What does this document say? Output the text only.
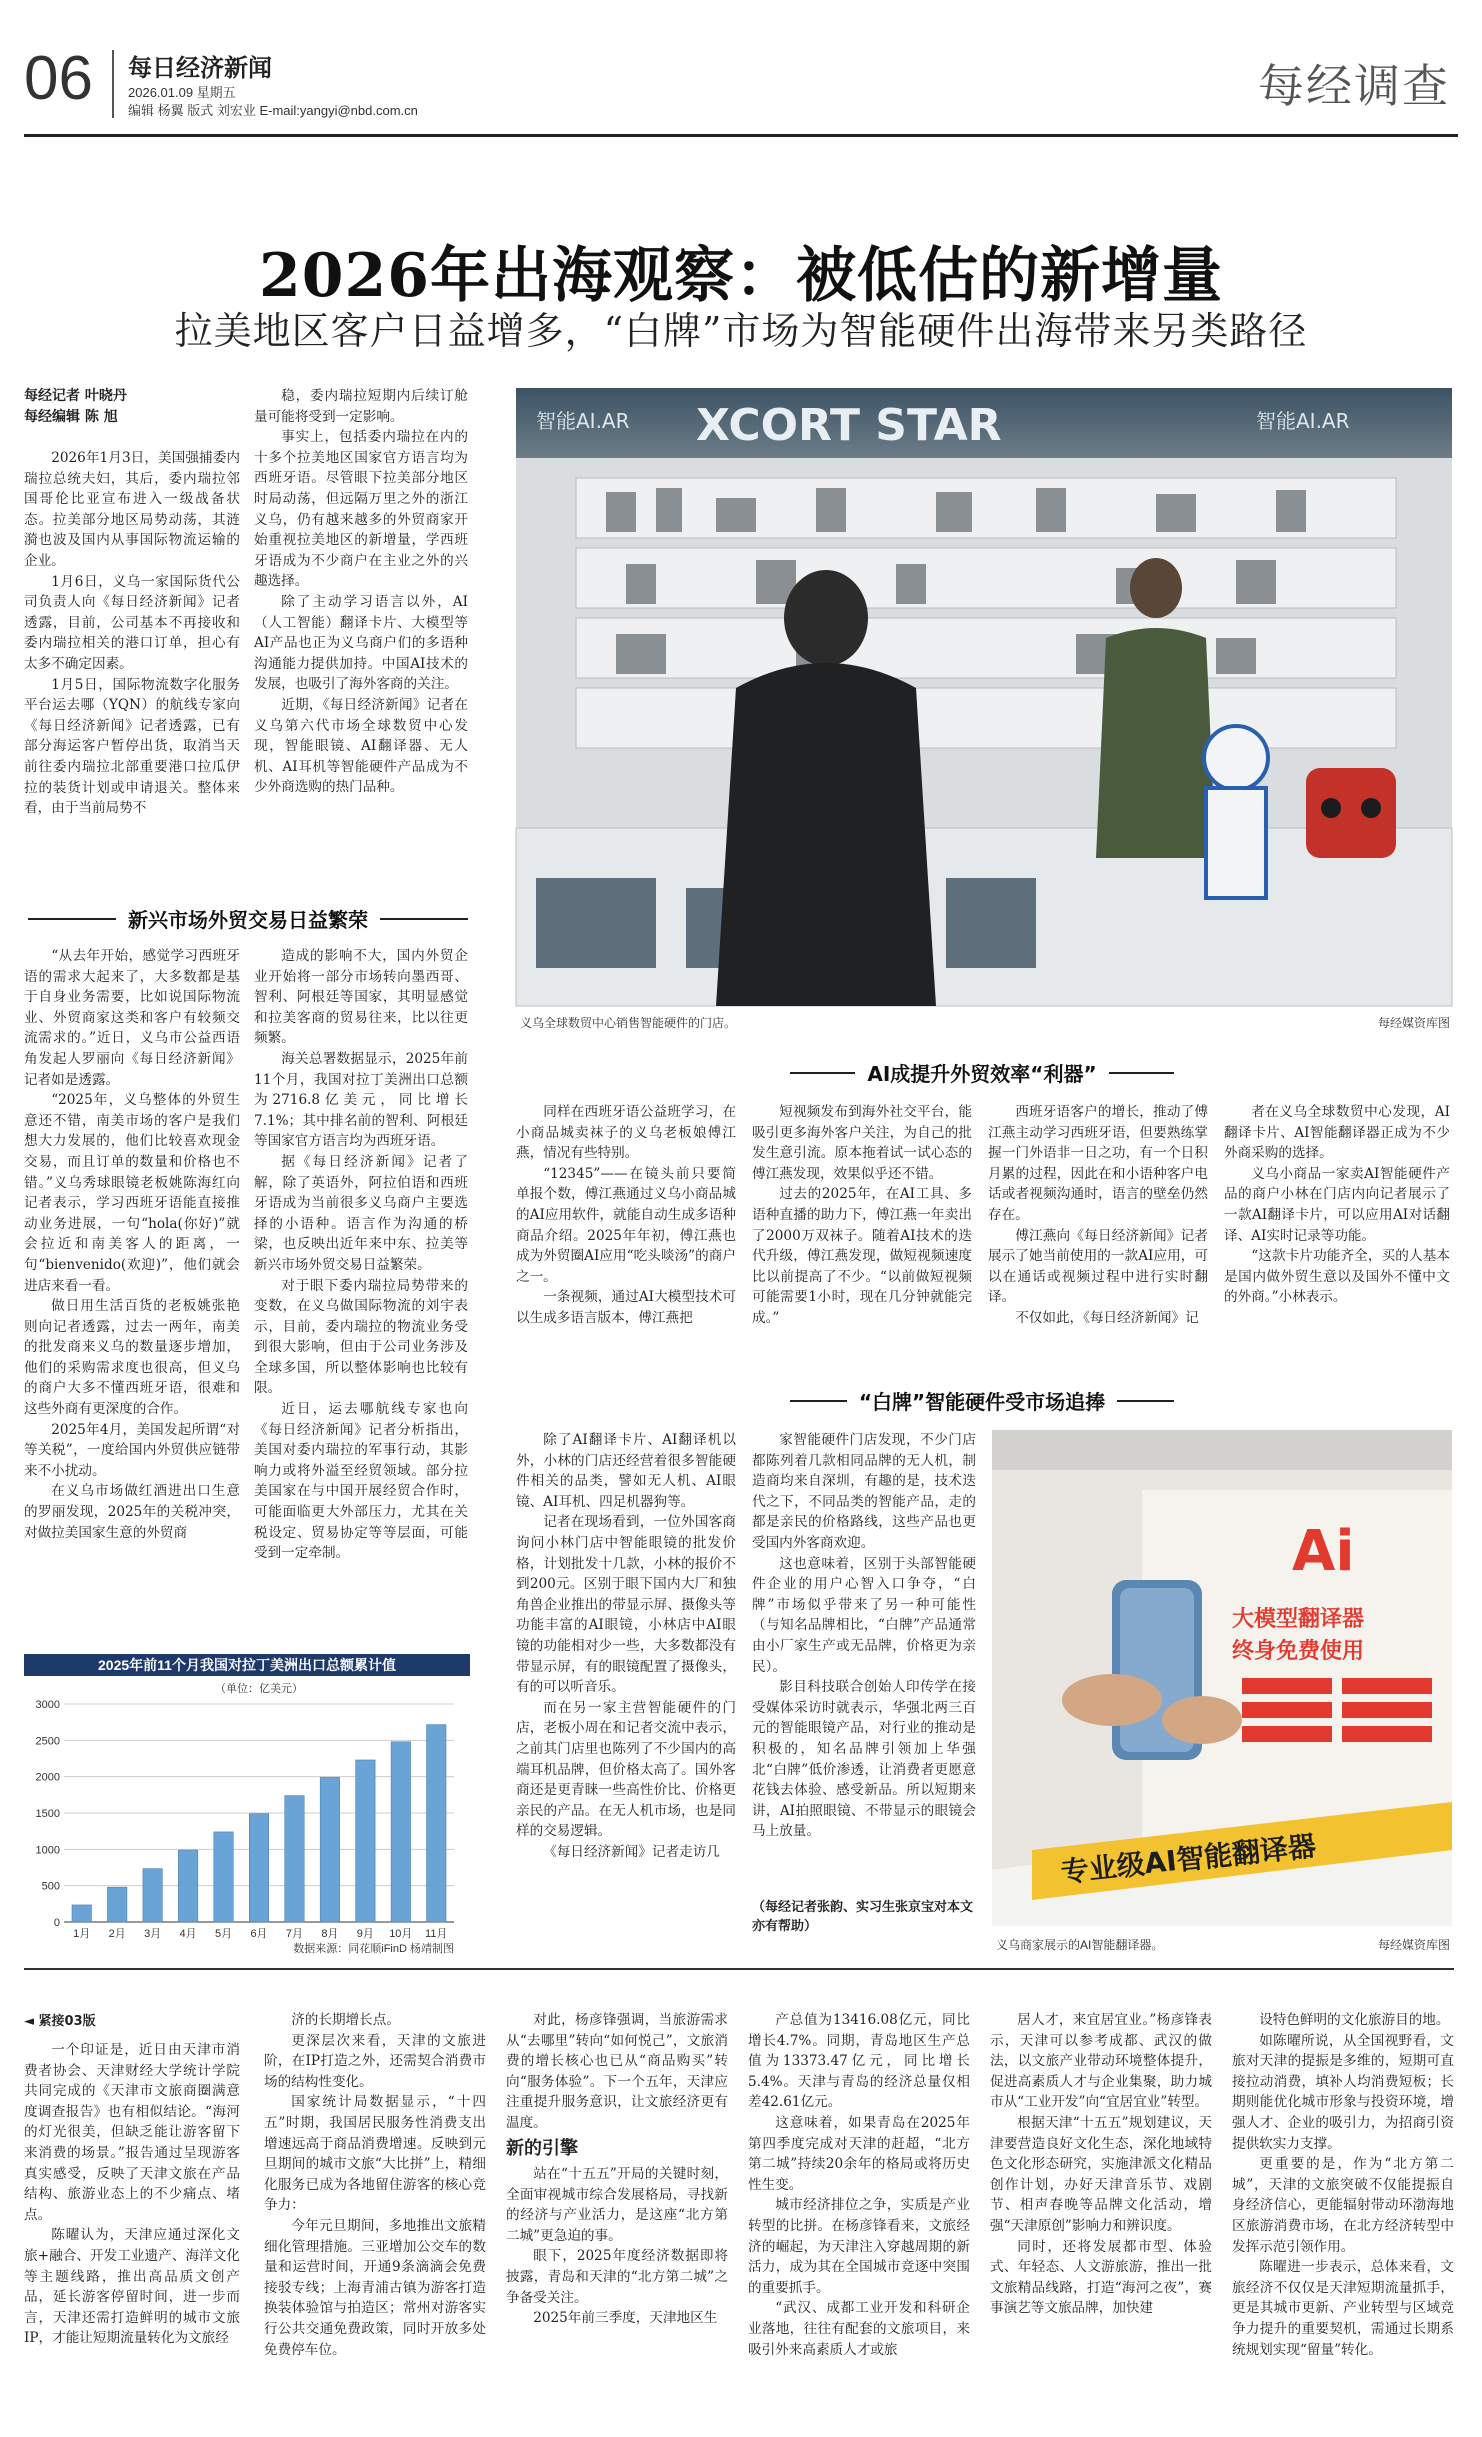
06 每日经济新闻
2026.01.09 星期五
编辑 杨翼 版式 刘宏业 E-mail:yangyi@nbd.com.cn	每经调查
2026年出海观察：被低估的新增量
拉美地区客户日益增多，“白牌”市场为智能硬件出海带来另类路径
每经记者 叶晓丹
每经编辑 陈 旭

2026年1月3日，美国强捕委内瑞拉总统夫妇，其后，委内瑞拉邻国哥伦比亚宣布进入一级战备状态。拉美部分地区局势动荡，其涟漪也波及国内从事国际物流运输的企业。

1月6日，义乌一家国际货代公司负责人向《每日经济新闻》记者透露，目前，公司基本不再接收和委内瑞拉相关的港口订单，担心有太多不确定因素。

1月5日，国际物流数字化服务平台运去哪（YQN）的航线专家向《每日经济新闻》记者透露，已有部分海运客户暂停出货，取消当天前往委内瑞拉北部重要港口拉瓜伊拉的装货计划或申请退关。整体来看，由于当前局势不

稳，委内瑞拉短期内后续订舱量可能将受到一定影响。

事实上，包括委内瑞拉在内的十多个拉美地区国家官方语言均为西班牙语。尽管眼下拉美部分地区时局动荡，但远隔万里之外的浙江义乌，仍有越来越多的外贸商家开始重视拉美地区的新增量，学西班牙语成为不少商户在主业之外的兴趣选择。

除了主动学习语言以外，AI（人工智能）翻译卡片、大模型等AI产品也正为义乌商户们的多语种沟通能力提供加持。中国AI技术的发展，也吸引了海外客商的关注。

近期，《每日经济新闻》记者在义乌第六代市场全球数贸中心发现，智能眼镜、AI翻译器、无人机、AI耳机等智能硬件产品成为不少外商选购的热门品种。

XCORT STAR
智能AI.AR	智能AI.AR
义乌全球数贸中心销售智能硬件的门店。	每经媒资库图
新兴市场外贸交易日益繁荣

“从去年开始，感觉学习西班牙语的需求大起来了，大多数都是基于自身业务需要，比如说国际物流业、外贸商家这类和客户有较频交流需求的。”近日，义乌市公益西语角发起人罗丽向《每日经济新闻》记者如是透露。

“2025年，义乌整体的外贸生意还不错，南美市场的客户是我们想大力发展的，他们比较喜欢现金交易，而且订单的数量和价格也不错。”义乌秀球眼镜老板姚陈海红向记者表示，学习西班牙语能直接推动业务进展，一句“hola(你好)”就会拉近和南美客人的距离，一句“bienvenido(欢迎)”，他们就会进店来看一看。

做日用生活百货的老板姚张艳则向记者透露，过去一两年，南美的批发商来义乌的数量逐步增加，他们的采购需求度也很高，但义乌的商户大多不懂西班牙语，很难和这些外商有更深度的合作。

2025年4月，美国发起所谓“对等关税”，一度给国内外贸供应链带来不小扰动。

在义乌市场做红酒进出口生意的罗丽发现，2025年的关税冲突，对做拉美国家生意的外贸商

造成的影响不大，国内外贸企业开始将一部分市场转向墨西哥、智利、阿根廷等国家，其明显感觉和拉美客商的贸易往来，比以往更频繁。

海关总署数据显示，2025年前11个月，我国对拉丁美洲出口总额为2716.8亿美元，同比增长7.1%；其中排名前的智利、阿根廷等国家官方语言均为西班牙语。

据《每日经济新闻》记者了解，除了英语外，阿拉伯语和西班牙语成为当前很多义乌商户主要选择的小语种。语言作为沟通的桥梁，也反映出近年来中东、拉美等新兴市场外贸交易日益繁荣。

对于眼下委内瑞拉局势带来的变数，在义乌做国际物流的刘宇表示，目前，委内瑞拉的物流业务受到很大影响，但由于公司业务涉及全球多国，所以整体影响也比较有限。

近日，运去哪航线专家也向《每日经济新闻》记者分析指出，美国对委内瑞拉的军事行动，其影响力或将外溢至经贸领域。部分拉美国家在与中国开展经贸合作时，可能面临更大外部压力，尤其在关税设定、贸易协定等等层面，可能受到一定牵制。

2025年前11个月我国对拉丁美洲出口总额累计值
（单位：亿美元）
0
500
1000
1500
2000
2500
3000
1月 2月 3月 4月 5月 6月 7月 8月 9月 10月 11月
数据来源：同花顺iFinD 杨靖制图
AI成提升外贸效率“利器”

同样在西班牙语公益班学习，在小商品城卖袜子的义乌老板娘傅江燕，情况有些特别。

“12345”——在镜头前只要简单报个数，傅江燕通过义乌小商品城的AI应用软件，就能自动生成多语种商品介绍。2025年年初，傅江燕也成为外贸圈AI应用“吃头啖汤”的商户之一。

一条视频，通过AI大模型技术可以生成多语言版本，傅江燕把

短视频发布到海外社交平台，能吸引更多海外客户关注，为自己的批发生意引流。原本拖着试一试心态的傅江燕发现，效果似乎还不错。

过去的2025年，在AI工具、多语种直播的助力下，傅江燕一年卖出了2000万双袜子。随着AI技术的迭代升级，傅江燕发现，做短视频速度比以前提高了不少。“以前做短视频可能需要1小时，现在几分钟就能完成。”

西班牙语客户的增长，推动了傅江燕主动学习西班牙语，但要熟练掌握一门外语非一日之功，有一个日积月累的过程，因此在和小语种客户电话或者视频沟通时，语言的壁垒仍然存在。

傅江燕向《每日经济新闻》记者展示了她当前使用的一款AI应用，可以在通话或视频过程中进行实时翻译。

不仅如此，《每日经济新闻》记

者在义乌全球数贸中心发现，AI翻译卡片、AI智能翻译器正成为不少外商采购的选择。

义乌小商品一家卖AI智能硬件产品的商户小林在门店内向记者展示了一款AI翻译卡片，可以应用AI对话翻译、AI实时记录等功能。

“这款卡片功能齐全，买的人基本是国内做外贸生意以及国外不懂中文的外商。”小林表示。

“白牌”智能硬件受市场追捧

除了AI翻译卡片、AI翻译机以外，小林的门店还经营着很多智能硬件相关的品类，譬如无人机、AI眼镜、AI耳机、四足机器狗等。

记者在现场看到，一位外国客商询问小林门店中智能眼镜的批发价格，计划批发十几款，小林的报价不到200元。区别于眼下国内大厂和独角兽企业推出的带显示屏、摄像头等功能丰富的AI眼镜，小林店中AI眼镜的功能相对少一些，大多数都没有带显示屏，有的眼镜配置了摄像头，有的可以听音乐。

而在另一家主营智能硬件的门店，老板小周在和记者交流中表示，之前其门店里也陈列了不少国内的高端耳机品牌，但价格太高了。国外客商还是更青睐一些高性价比、价格更亲民的产品。在无人机市场，也是同样的交易逻辑。

《每日经济新闻》记者走访几

家智能硬件门店发现，不少门店都陈列着几款相同品牌的无人机，制造商均来自深圳，有趣的是，技术迭代之下，不同品类的智能产品，走的都是亲民的价格路线，这些产品也更受国内外客商欢迎。

这也意味着，区别于头部智能硬件企业的用户心智入口争夺，“白牌”市场似乎带来了另一种可能性（与知名品牌相比，“白牌”产品通常由小厂家生产或无品牌，价格更为亲民）。

影目科技联合创始人印传学在接受媒体采访时就表示，华强北两三百元的智能眼镜产品，对行业的推动是积极的，知名品牌引领加上华强北“白牌”低价渗透，让消费者更愿意花钱去体验、感受新品。所以短期来讲，AI拍照眼镜、不带显示的眼镜会马上放量。

（每经记者张韵、实习生张京宝对本文亦有帮助）
Ai
大模型翻译器
终身免费使用
专业级AI智能翻译器
义乌商家展示的AI智能翻译器。	每经媒资库图
◄ 紧接03版

一个印证是，近日由天津市消费者协会、天津财经大学统计学院共同完成的《天津市文旅商圈满意度调查报告》也有相似结论。“海河的灯光很美，但缺乏能让游客留下来消费的场景。”报告通过呈现游客真实感受，反映了天津文旅在产品结构、旅游业态上的不少痛点、堵点。

陈曜认为，天津应通过深化文旅+融合、开发工业遗产、海洋文化等主题线路，推出高品质文创产品，延长游客停留时间，进一步而言，天津还需打造鲜明的城市文旅IP，才能让短期流量转化为文旅经

济的长期增长点。

更深层次来看，天津的文旅进阶，在IP打造之外，还需契合消费市场的结构性变化。

国家统计局数据显示，“十四五”时期，我国居民服务性消费支出增速远高于商品消费增速。反映到元旦期间的城市文旅“大比拼”上，精细化服务已成为各地留住游客的核心竞争力：

今年元旦期间，多地推出文旅精细化管理措施。三亚增加公交车的数量和运营时间，开通9条滴滴会免费接驳专线；上海青浦古镇为游客打造换装体验馆与拍造区；常州对游客实行公共交通免费政策，同时开放多处免费停车位。

对此，杨彦锋强调，当旅游需求从“去哪里”转向“如何悦己”，文旅消费的增长核心也已从“商品购买”转向“服务体验”。下一个五年，天津应注重提升服务意识，让文旅经济更有温度。

新的引擎

站在“十五五”开局的关键时刻，全面审视城市综合发展格局，寻找新的经济与产业活力，是这座“北方第二城”更急迫的事。

眼下，2025年度经济数据即将披露，青岛和天津的“北方第二城”之争备受关注。

2025年前三季度，天津地区生

产总值为13416.08亿元，同比增长4.7%。同期，青岛地区生产总值为13373.47亿元，同比增长5.4%。天津与青岛的经济总量仅相差42.61亿元。

这意味着，如果青岛在2025年第四季度完成对天津的赶超，“北方第二城”持续20余年的格局或将历史性生变。

城市经济排位之争，实质是产业转型的比拼。在杨彦锋看来，文旅经济的崛起，为天津注入穿越周期的新活力，成为其在全国城市竞逐中突围的重要抓手。

“武汉、成都工业开发和科研企业落地，往往有配套的文旅项目，来吸引外来高素质人才或旅

居人才，来宜居宜业。”杨彦锋表示，天津可以参考成都、武汉的做法，以文旅产业带动环境整体提升，促进高素质人才与企业集聚，助力城市从“工业开发”向“宜居宜业”转型。

根据天津“十五五”规划建议，天津要营造良好文化生态，深化地域特色文化形态研究，实施津派文化精品创作计划，办好天津音乐节、戏剧节、相声春晚等品牌文化活动，增强“天津原创”影响力和辨识度。

同时，还将发展都市型、体验式、年轻态、人文游旅游，推出一批文旅精品线路，打造“海河之夜”，赛事演艺等文旅品牌，加快建

设特色鲜明的文化旅游目的地。

如陈曜所说，从全国视野看，文旅对天津的提振是多维的，短期可直接拉动消费，填补人均消费短板；长期则能优化城市形象与投资环境，增强人才、企业的吸引力，为招商引资提供软实力支撑。

更重要的是，作为“北方第二城”，天津的文旅突破不仅能提振自身经济信心，更能辐射带动环渤海地区旅游消费市场，在北方经济转型中发挥示范引领作用。

陈曜进一步表示，总体来看，文旅经济不仅仅是天津短期流量抓手，更是其城市更新、产业转型与区域竞争力提升的重要契机，需通过长期系统规划实现“留量”转化。
